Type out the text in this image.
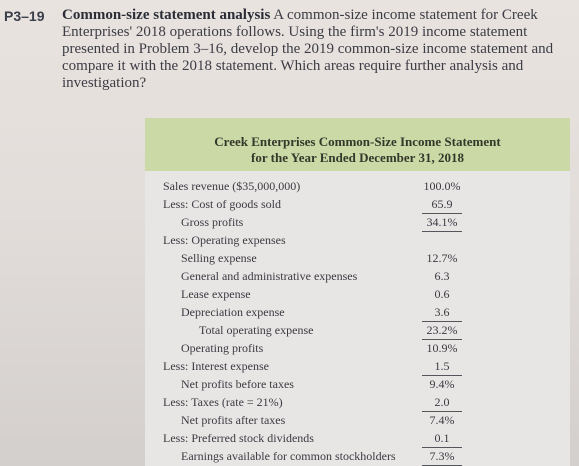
P3–19 Common-size statement analysis A common-size income statement for Creek
Enterprises' 2018 operations follows. Using the firm's 2019 income statement
presented in Problem 3–16, develop the 2019 common-size income statement and
compare it with the 2018 statement. Which areas require further analysis and
investigation?
Creek Enterprises Common-Size Income Statement
for the Year Ended December 31, 2018
Sales revenue ($35,000,000)	100.0%
Less: Cost of goods sold	65.9
Gross profits	34.1%
Less: Operating expenses
Selling expense	12.7%
General and administrative expenses	6.3
Lease expense	0.6
Depreciation expense	3.6
Total operating expense	23.2%
Operating profits	10.9%
Less: Interest expense	1.5
Net profits before taxes	9.4%
Less: Taxes (rate = 21%)	2.0
Net profits after taxes	7.4%
Less: Preferred stock dividends	0.1
Earnings available for common stockholders	7.3%
